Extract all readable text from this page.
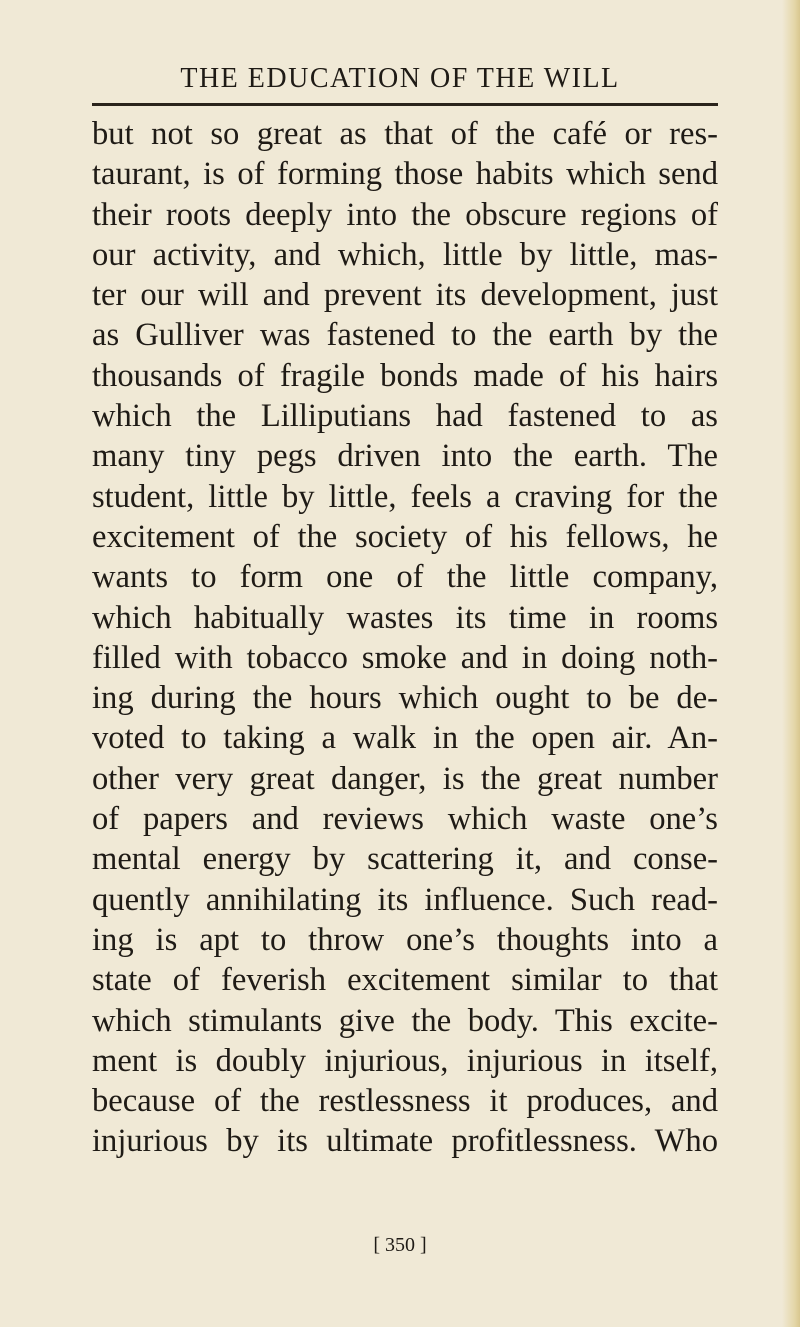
THE EDUCATION OF THE WILL
but not so great as that of the café or res-
taurant, is of forming those habits which send
their roots deeply into the obscure regions of
our activity, and which, little by little, mas-
ter our will and prevent its development, just
as Gulliver was fastened to the earth by the
thousands of fragile bonds made of his hairs
which the Lilliputians had fastened to as
many tiny pegs driven into the earth. The
student, little by little, feels a craving for the
excitement of the society of his fellows, he
wants to form one of the little company,
which habitually wastes its time in rooms
filled with tobacco smoke and in doing noth-
ing during the hours which ought to be de-
voted to taking a walk in the open air. An-
other very great danger, is the great number
of papers and reviews which waste one’s
mental energy by scattering it, and conse-
quently annihilating its influence. Such read-
ing is apt to throw one’s thoughts into a
state of feverish excitement similar to that
which stimulants give the body. This excite-
ment is doubly injurious, injurious in itself,
because of the restlessness it produces, and
injurious by its ultimate profitlessness. Who
[ 350 ]
